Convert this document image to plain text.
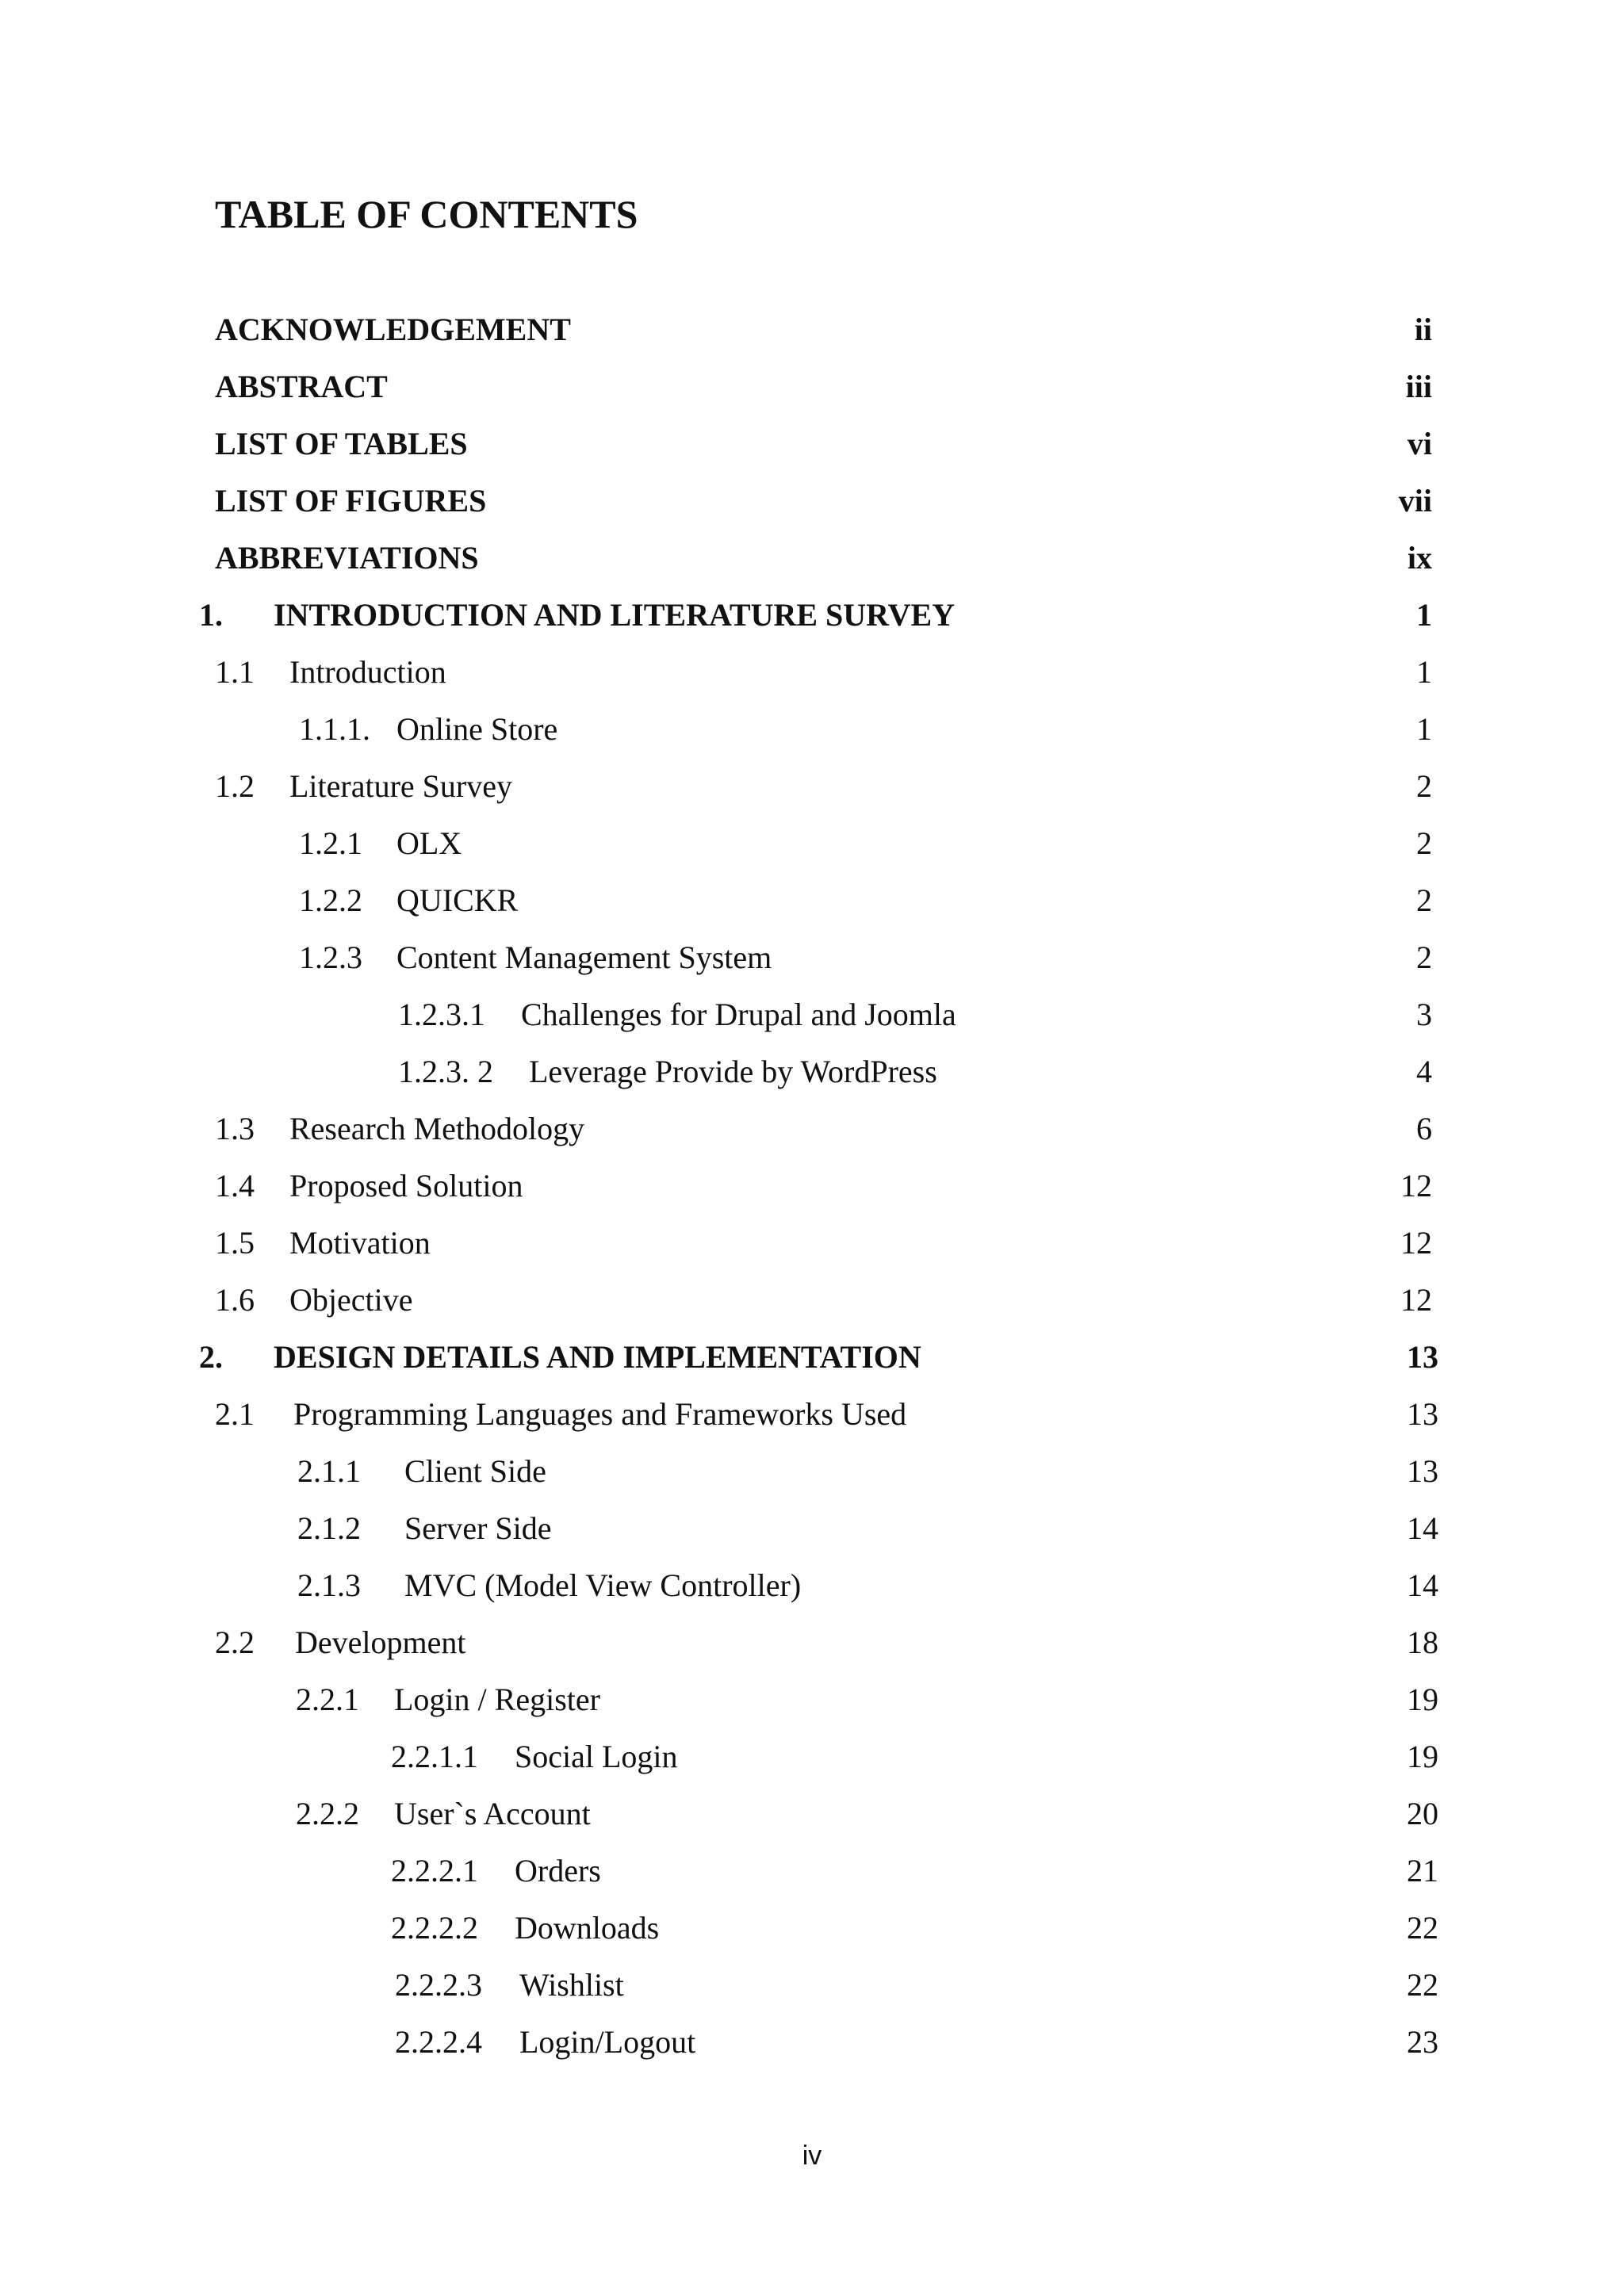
TABLE OF CONTENTS
ACKNOWLEDGEMENT	ii
ABSTRACT	iii
LIST OF TABLES	vi
LIST OF FIGURES	vii
ABBREVIATIONS	ix
1. INTRODUCTION AND LITERATURE SURVEY	1
1.1 Introduction	1
1.1.1. Online Store	1
1.2 Literature Survey	2
1.2.1 OLX	2
1.2.2 QUICKR	2
1.2.3 Content Management System	2
1.2.3.1 Challenges for Drupal and Joomla	3
1.2.3. 2 Leverage Provide by WordPress	4
1.3 Research Methodology	6
1.4 Proposed Solution	12
1.5 Motivation	12
1.6 Objective	12
2. DESIGN DETAILS AND IMPLEMENTATION	13
2.1 Programming Languages and Frameworks Used	13
2.1.1 Client Side	13
2.1.2 Server Side	14
2.1.3 MVC (Model View Controller)	14
2.2 Development	18
2.2.1 Login / Register	19
2.2.1.1 Social Login	19
2.2.2 User`s Account	20
2.2.2.1 Orders	21
2.2.2.2 Downloads	22
2.2.2.3 Wishlist	22
2.2.2.4 Login/Logout	23
iv
